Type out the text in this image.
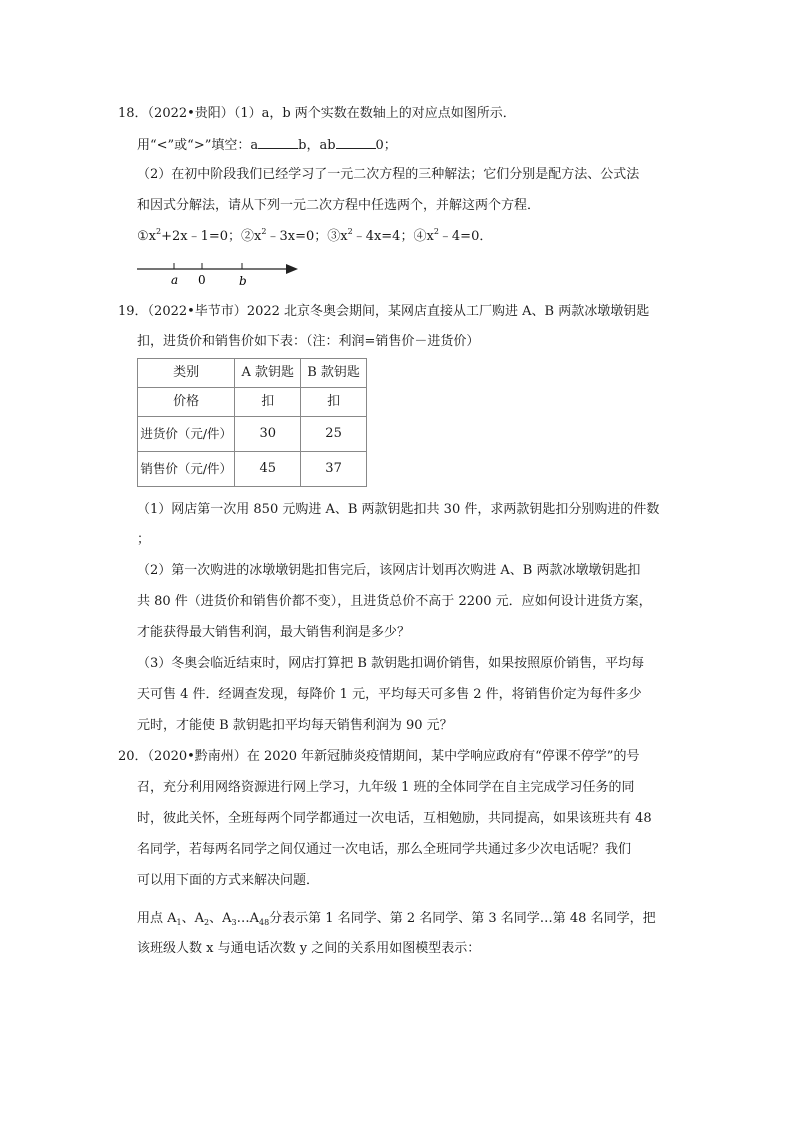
18．（2022•贵阳）（1）a，b 两个实数在数轴上的对应点如图所示．
用“<”或“>”填空：a	b，ab	0；
（2）在初中阶段我们已经学习了一元二次方程的三种解法；它们分别是配方法、公式法
和因式分解法，请从下列一元二次方程中任选两个，并解这两个方程．
$①x^2+2x﹣1=0$；$②x^2﹣3x=0$；$③x^2﹣4x=4$；$④x^2﹣4=0$．
a 0	b
19．（2022•毕节市）2022 北京冬奥会期间，某网店直接从工厂购进 A、B 两款冰墩墩钥匙
扣，进货价和销售价如下表：（注：利润=销售价－进货价）
类别	A 款钥匙	B 款钥匙
价格	扣	扣
进货价（元/件）	30	25
销售价（元/件）	45	37
（1）网店第一次用 850 元购进 A、B 两款钥匙扣共 30 件，求两款钥匙扣分别购进的件数
；
（2）第一次购进的冰墩墩钥匙扣售完后，该网店计划再次购进 A、B 两款冰墩墩钥匙扣
共 80 件（进货价和销售价都不变），且进货总价不高于 2200 元．应如何设计进货方案，
才能获得最大销售利润，最大销售利润是多少？
（3）冬奥会临近结束时，网店打算把 B 款钥匙扣调价销售，如果按照原价销售，平均每
天可售 4 件．经调查发现，每降价 1 元，平均每天可多售 2 件，将销售价定为每件多少
元时，才能使 B 款钥匙扣平均每天销售利润为 90 元？
20．（2020•黔南州）在 2020 年新冠肺炎疫情期间，某中学响应政府有“停课不停学”的号
召，充分利用网络资源进行网上学习，九年级 1 班的全体同学在自主完成学习任务的同
时，彼此关怀，全班每两个同学都通过一次电话，互相勉励，共同提高，如果该班共有 48
名同学，若每两名同学之间仅通过一次电话，那么全班同学共通过多少次电话呢？我们
可以用下面的方式来解决问题．
用点 $A_1$、$A_2$、$A_3\dots A_{48}$分表示第 1 名同学、第 2 名同学、第 3 名同学…第 48 名同学，把
该班级人数 x 与通电话次数 y 之间的关系用如图模型表示：
